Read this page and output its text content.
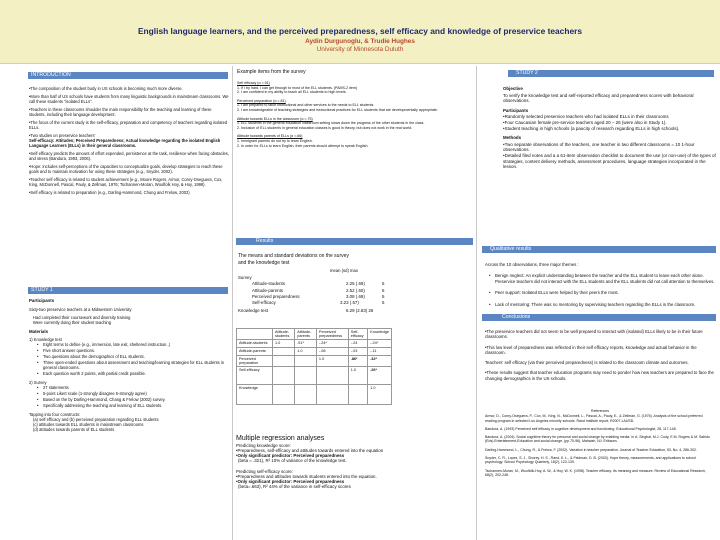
English language learners, and the perceived preparedness, self efficacy and knowledge of preservice teachers
Aydin Durgunoglu, & Trudie Hughes
University of Minnesota Duluth
INTRODUCTION

•The composition of the student body in US schools is becoming much more diverse.

•More than half of US schools have students from many linguistic backgrounds in mainstream classrooms. We call these students "isolated ELLs".

•Teachers in these classrooms shoulder the main responsibility for the teaching and learning of these students, including their language development.

•The focus of the current study is the self-efficacy, preparation and competency of teachers regarding isolated ELLs.

•Two studies on preservice teachers'

Self-efficacy: Attitudes; Perceived Preparedness; Actual knowledge regarding the isolated English Language Learners (ELLs) in their general classrooms.

•Self efficacy predicts the amount of effort expended, persistence at the task, resilience when facing obstacles, and stress (Bandura, 1993, 2006).

•Hope: includes self-perceptions of the capacities to conceptualize goals, develop strategies to reach these goals and to maintain motivation for using these strategies (e.g., Snyder, 2002).

•Teacher self efficacy is related to student achievement (e.g., Moore Rogers, Armor, Conry-Oseguera, Cox, King, McDonnell, Pascal, Pauly, & Zellman, 1976; Tschannen-Moran, Woolfolk Hoy, & Hoy, 1998).

•Self efficacy is related to preparation (e.g., Darling-Hammond, Chung and Frelow, 2002)

STUDY 1
Participants

Sixty-two preservice teachers at a Midwestern University

Had completed their coursework and diversity training

Were currently doing their student teaching

Materials

1) Knowledge test

• Eight terms to define (e.g., immersion, late exit, sheltered instruction..)
• Five short answer questions.
• Two questions about the demographics of ELL students.
• Three open-ended questions about assessment and teaching/learning strategies for ELL students in general classrooms.
• Each question worth 2 points, with partial credit possible.

2) Survey

• 27 statements
• 5-point Likert scale (1-strongly disagree 5-strongly agree)
• Based on the by Darling-Hammond, Chang & Frelow (2002) survey.
• Specifically addressing the teaching and learning of ELL students.

Tapping into four constructs:

(a) self efficacy and (b) perceived preparation regarding ELL students

(c) attitudes towards ELL students in mainstream classrooms

(d) attitudes towards parents of ELL students

Example items from the survey
Self efficacy (α =.91)
1. If I try hard, I can get through to most of the ELL students. (PAMS-2 item)
2. I am confident in my ability to teach all ELL students to high levels.
Perceived preparation (α =.81)
1. I am prepared to tailor instructional and other services to the needs to ELL students.
2. I am knowledgeable of teaching strategies and instructional practices for ELL students that are developmentally appropriate.
Attitude towards ELLs in the classroom (α =.75)
1. ELL students in the general education classroom setting slows down the progress of the other students in the class.
2. Inclusion of ELL students in general education classes is good in theory, but does not work in the real world.
Attitude towards parents of ELLs (α =.66)
1. Immigrant parents do not try to learn English.
2. In order for ELLs to learn English, their parents should attempt to speak English.
Results
The means and standard deviations on the survey
and the knowledge test
mean (sd) max
Survey
Attitude-students	2.25 (.69)	5
Attitude-parents	2.52 (.60)	5
Perceived preparedness	3.08 (.69)	5
Self-efficacy	3.23 (.57)	5
Knowledge test	6.29 (2.83) 26
	Attitude-students	Attitude-parents	Perceived preparedness	Self-efficacy	Knowledge
Attitude-students	1.0	.51*	-.24*	-.24	-.24*
Attitude-parents		1.0	-.08	-.03	-.11
Perceived preparation			1.0	.86*	.32*
Self-efficacy				1.0	.26*
Knowledge					1.0
Multiple regression analyses
Predicting knowledge score:
•Preparedness, self-efficacy and attitudes towards entered into the equation
•Only significant predictor: Perceived preparedness
(beta = .321), R² 10% of variance of the knowledge test.
Predicting self-efficacy score:
•Preparedness and attitudes towards students entered into the equation.
•Only significant predictor: Perceived preparedness
(beta=.663), R² 44% of the variance in self-efficacy scores
STUDY 2
Objective

To verify the knowledge test and self-reported efficacy and preparedness scores with behavioral observations.

Participants
•Randomly selected preservice teachers who had isolated ELLs in their classrooms
•Four Caucasian female pre-service teachers aged 20 – 26 (were also in Study 1).
•Student teaching in high schools (a paucity of research regarding ELLs in high schools).
Methods
•Two separate observations of the teachers, one teacher in two different classrooms = 10 1-hour observations.
•Detailed filed notes and a a 61-item observation checklist to document the use (or non-use) of the types of strategies, content delivery methods, assessment procedures, language strategies incorporated in the lesson.
Qualitative results

Across the 10 observations, three major themes :

• Benign neglect: An explicit understanding between the teacher and the ELL student to leave each other alone. Preservice teachers did not interact with the ELL students and the ELL students did not call attention to themselves.
• Peer support: Isolated ELLs were helped by their peers the most.
• Lack of mentoring: There was no mentoring by supervising teachers regarding the ELLs in the classroom.
Conclusions

•The preservice teachers did not seem to be well prepared to interact with (isolated) ELLs likely to be in their future classrooms.

•This low level of preparedness was reflected in their self efficacy reports, knowledge and actual behavior in the classroom.

Teachers' self efficacy (via their perceived preparedness) is related to the classroom climate and outcomes.

•These results suggest that teacher education programs may need to ponder how new teachers are prepared to face the changing demographics in the US schools.

References

Armor, D., Conry-Oseguera, P., Cox, M., King, N., McDonnell, L., Pascal, A., Pauly, E., & Zellman, G. (1976). Analysis of the school preferred reading program in selected Los Angeles minority schools. Rand Institute report, R2007-LAUSD.

Bandura, A. (1993) Perceived self efficacy in cognitive development and functioning. Educational Psychologist, 28, 117-148.

Bandura, A. (2004). Social cognitive theory for personal and social change by enabling media. In A. Singhal, M.J. Cody, E.M. Rogers & M. Sabido (Eds) Entertainment-Education and social change. (pp.75-96). Mahwah, NJ: Erlbaum.

Darling-Hammond, L., Chung, R., & Frelow, F. (2002). Variation in teacher preparation. Journal of Teacher Education, 53, No. 4, 286-302.

Snyder, C. R., Lopez, S. J., Shorey, H. S., Rand, K. L., & Feldman, D. B. (2003). Hope theory, measurements, and applications to school psychology. School Psychology Quarterly, 18(2), 122-139.

Tschannen-Moran, M., Woolfolk-Hoy, A. W., & Hoy, W. K. (1998). Teacher efficacy: Its meaning and measure. Review of Educational Research, 68(2), 202-248.
